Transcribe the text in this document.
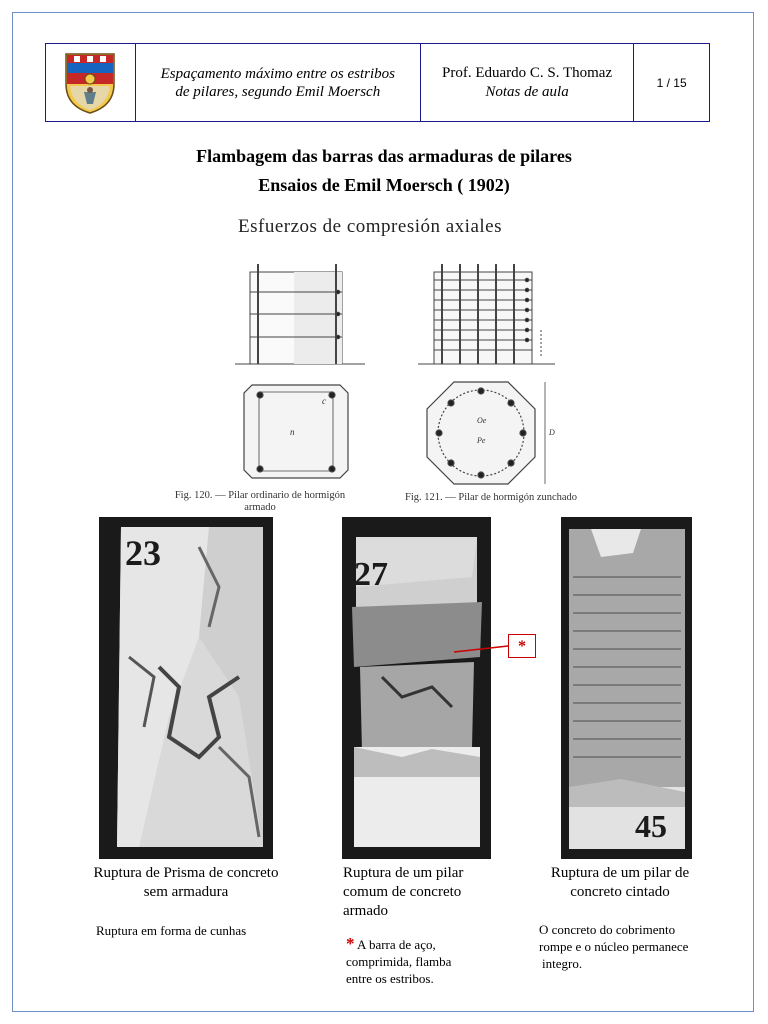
Espaçamento máximo entre os estribos
de pilares, segundo Emil Moersch
Prof. Eduardo C. S. Thomaz
Notas de aula
1 / 15
Flambagem das barras das armaduras de pilares
Ensaios de Emil Moersch ( 1902)
Esfuerzos de compresión axiales
n
c
Oe
Pe
D
Fig. 120. — Pilar ordinario de hormigón
armado
Fig. 121. — Pilar de hormigón zunchado
23
27
*
45
Ruptura de Prisma de concreto
sem armadura
Ruptura de um pilar
comum de concreto
armado
Ruptura de um pilar de
concreto cintado
Ruptura em forma de cunhas
* A barra de aço,
comprimida, flamba
entre os estribos.
O concreto do cobrimento
rompe e o núcleo permanece
integro.
